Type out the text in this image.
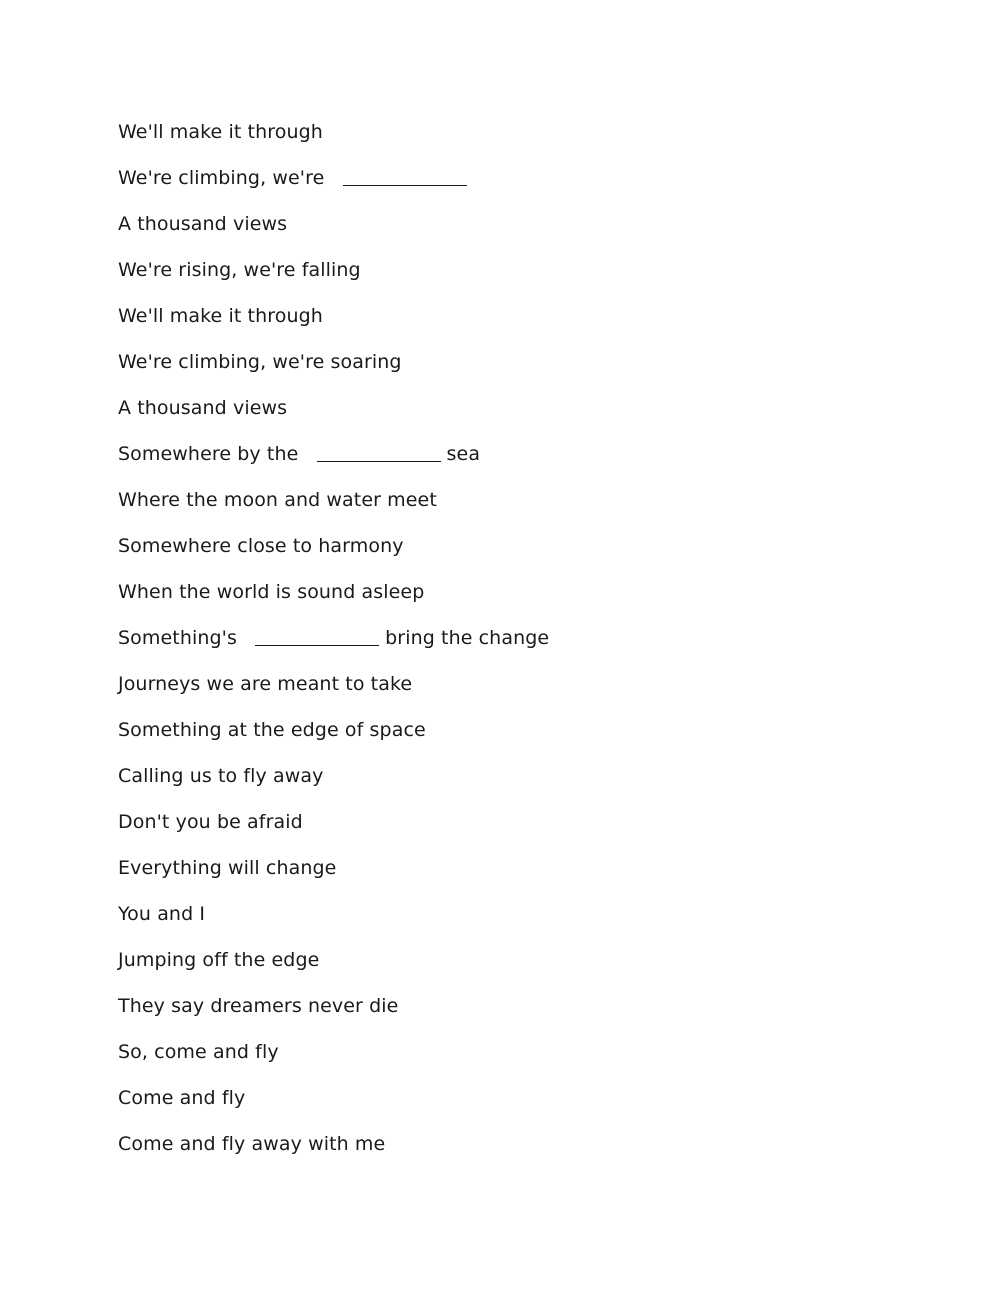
We'll make it through
We're climbing, we're
A thousand views
We're rising, we're falling
We'll make it through
We're climbing, we're soaring
A thousand views
Somewhere by the	sea
Where the moon and water meet
Somewhere close to harmony
When the world is sound asleep
Something's	bring the change
Journeys we are meant to take
Something at the edge of space
Calling us to fly away
Don't you be afraid
Everything will change
You and I
Jumping off the edge
They say dreamers never die
So, come and fly
Come and fly
Come and fly away with me
